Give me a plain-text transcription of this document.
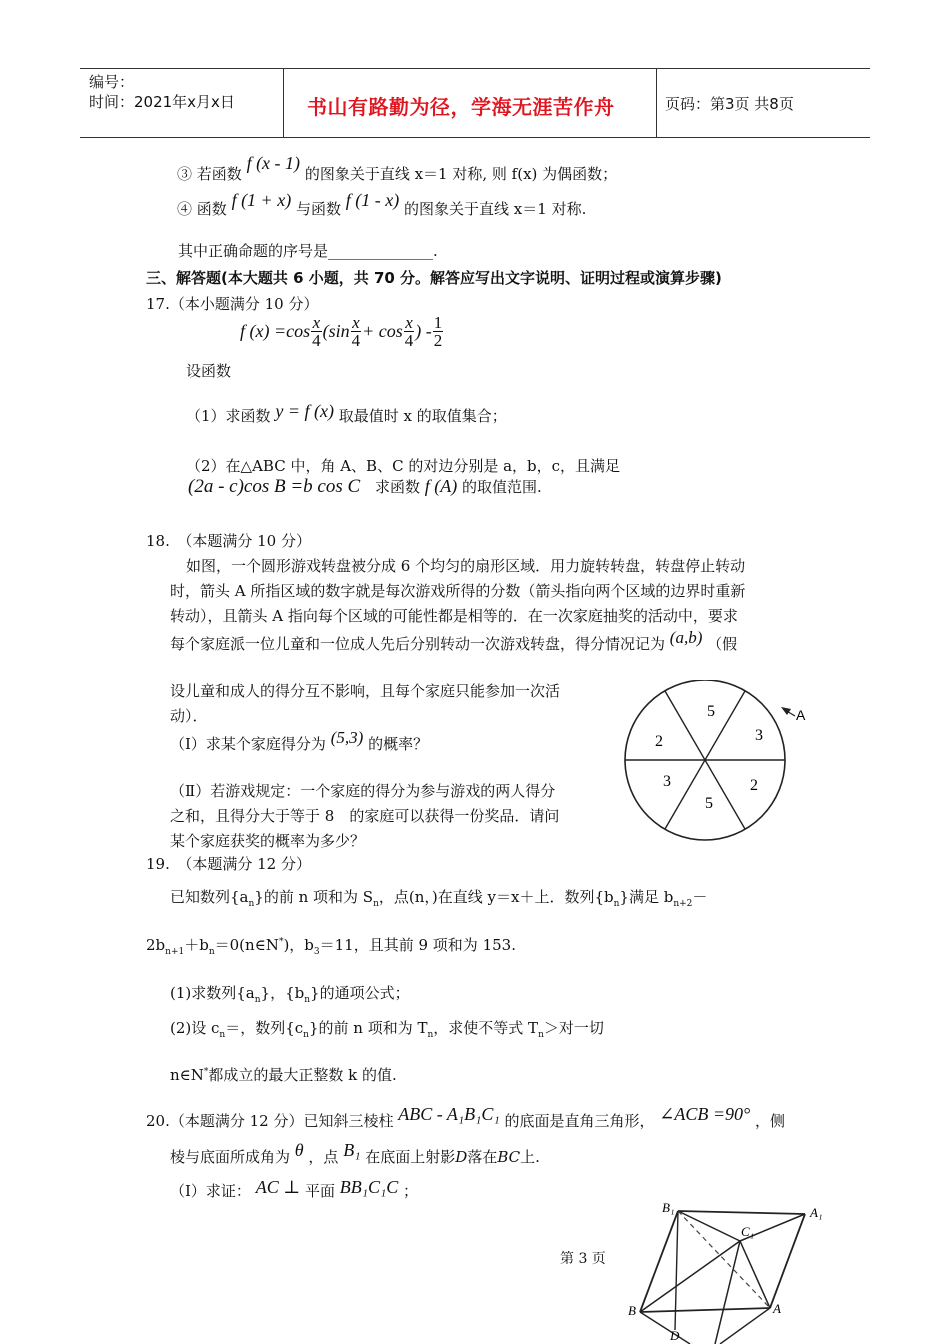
编号：
时间：2021年x月x日	书山有路勤为径，学海无涯苦作舟	页码：第3页 共8页
③ 若函数 f (x - 1) 的图象关于直线 x＝1 对称, 则 f(x) 为偶函数；
④ 函数 f (1 + x) 与函数 f (1 - x) 的图象关于直线 x＝1 对称.
其中正确命题的序号是______________.
三、解答题(本大题共 6 小题，共 70 分。解答应写出文字说明、证明过程或演算步骤)
17.（本小题满分 10 分）
f $(x) =\cos \frac{x}{4} (\sin \frac{x}{4} + \cos \frac{x}{4}$ ) - $\frac{1}{2}$
设函数
（1）求函数 y = f (x) 取最值时 x 的取值集合；
（2）在△ABC 中，角 A、B、C 的对边分别是 a，b，c，且满足
(2a - c)cos B =b cos C 求函数 f (A) 的取值范围.
18.　（本题满分 10 分）
如图，一个圆形游戏转盘被分成 6 个均匀的扇形区域．用力旋转转盘，转盘停止转动
时，箭头 A 所指区域的数字就是每次游戏所得的分数（箭头指向两个区域的边界时重新
转动），且箭头 A 指向每个区域的可能性都是相等的．在一次家庭抽奖的活动中，要求
每个家庭派一位儿童和一位成人先后分别转动一次游戏转盘，得分情况记为 (a,b) （假
设儿童和成人的得分互不影响，且每个家庭只能参加一次活
动）．
（Ⅰ）求某个家庭得分为 (5,3) 的概率？
（Ⅱ）若游戏规定：一个家庭的得分为参与游戏的两人得分
之和，且得分大于等于 8　的家庭可以获得一份奖品．请问
某个家庭获奖的概率为多少？
5
3
2
5
3
2
A
19.　（本题满分 12 分）
已知数列$\{a_n\}$的前 n 项和为 $S_n$，点(n，)在直线 y＝x＋上．数列$\{b_n\}$满足 $b_{n+2}-$
$2b_{n+1}+b_n=0(n\in N^*)$，$b_3=11$，且其前 9 项和为 153.
(1)求数列$\{a_n\}$，$\{b_n\}$的通项公式；
(2)设 $c_n=$，数列$\{c_n\}$的前 n 项和为 $T_n$，求使不等式 $T_n>$对一切
n∈N*都成立的最大正整数 k 的值.
20.（本题满分 12 分）已知斜三棱柱 ABC - A₁B₁C₁ 的底面是直角三角形， ∠ACB =90° ，侧
棱与底面所成角为 θ ，点 B₁ 在底面上射影D落在BC上.
（Ⅰ）求证： AC ⊥ 平面 BB₁C₁C ；
第 3 页
B₁	A₁
C₁
B	A
D
